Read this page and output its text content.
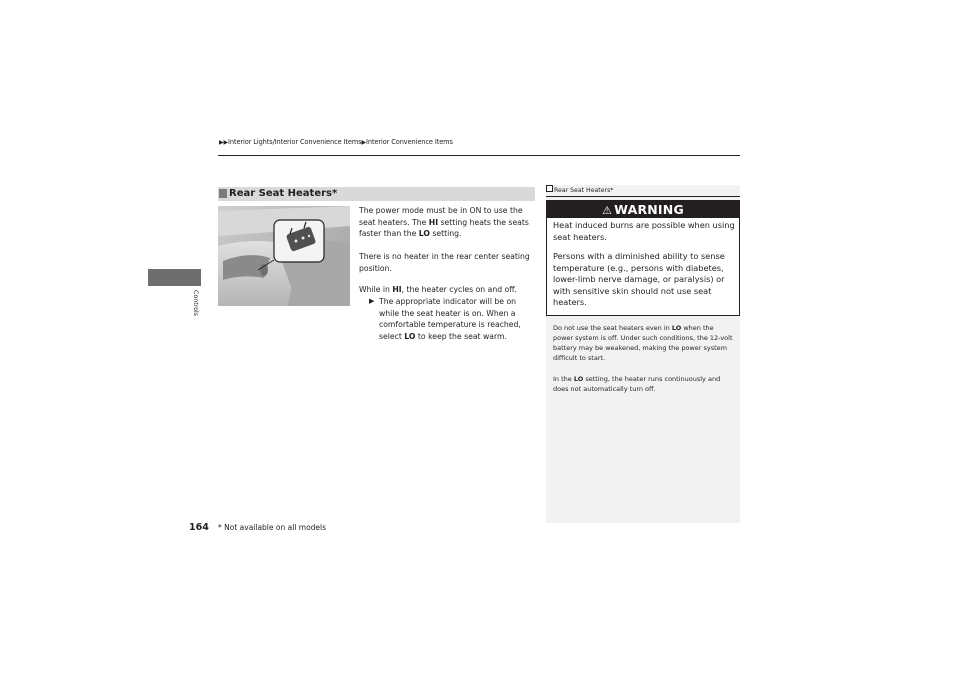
▶▶Interior Lights/Interior Convenience Items▶Interior Convenience Items
Controls
Rear Seat Heaters*
The power mode must be in ON to use the seat heaters. The HI setting heats the seats faster than the LO setting.
There is no heater in the rear center seating position.
While in HI, the heater cycles on and off.
▶ The appropriate indicator will be on while the seat heater is on. When a comfortable temperature is reached, select LO to keep the seat warm.
Rear Seat Heaters*
⚠ WARNING
Heat induced burns are possible when using seat heaters.
Persons with a diminished ability to sense temperature (e.g., persons with diabetes, lower-limb nerve damage, or paralysis) or with sensitive skin should not use seat heaters.
Do not use the seat heaters even in LO when the power system is off. Under such conditions, the 12-volt battery may be weakened, making the power system difficult to start.
In the LO setting, the heater runs continuously and does not automatically turn off.
164 * Not available on all models
